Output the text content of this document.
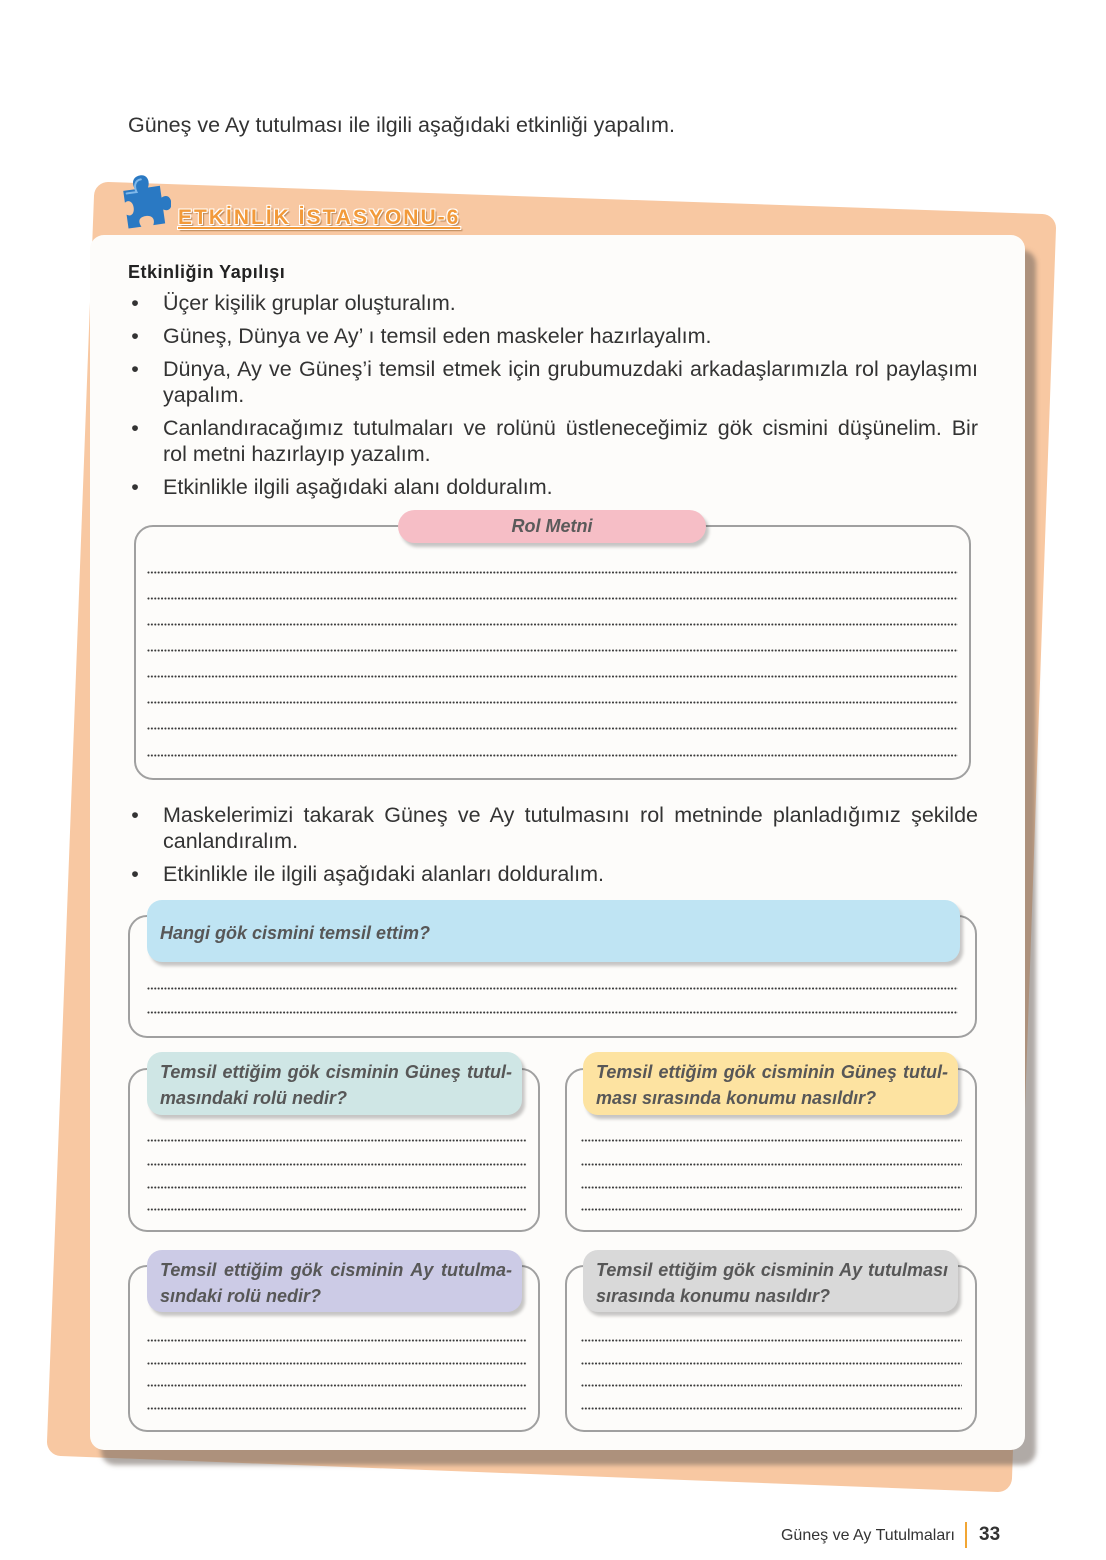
Güneş ve Ay tutulması ile ilgili aşağıdaki etkinliği yapalım.

ETKİNLİK İSTASYONU-6
Etkinliğin Yapılışı
• Üçer kişilik gruplar oluşturalım.
• Güneş, Dünya ve Ay’ ı temsil eden maskeler hazırlayalım.
• Dünya, Ay ve Güneş’i temsil etmek için grubumuzdaki arkadaşlarımızla rol paylaşımı
yapalım.
• Canlandıracağımız tutulmaları ve rolünü üstleneceğimiz gök cismini düşünelim. Bir
rol metni hazırlayıp yazalım.
• Etkinlikle ilgili aşağıdaki alanı dolduralım.
Rol Metni
• Maskelerimizi takarak Güneş ve Ay tutulmasını rol metninde planladığımız şekilde
canlandıralım.
• Etkinlikle ile ilgili aşağıdaki alanları dolduralım.
Hangi gök cismini temsil ettim?
Temsil ettiğim gök cisminin Güneş tutul-
masındaki rolü nedir?
Temsil ettiğim gök cisminin Güneş tutul-
ması sırasında konumu nasıldır?
Temsil ettiğim gök cisminin Ay tutulma-
sındaki rolü nedir?
Temsil ettiğim gök cisminin Ay tutulması
sırasında konumu nasıldır?
Güneş ve Ay Tutulmaları 33
